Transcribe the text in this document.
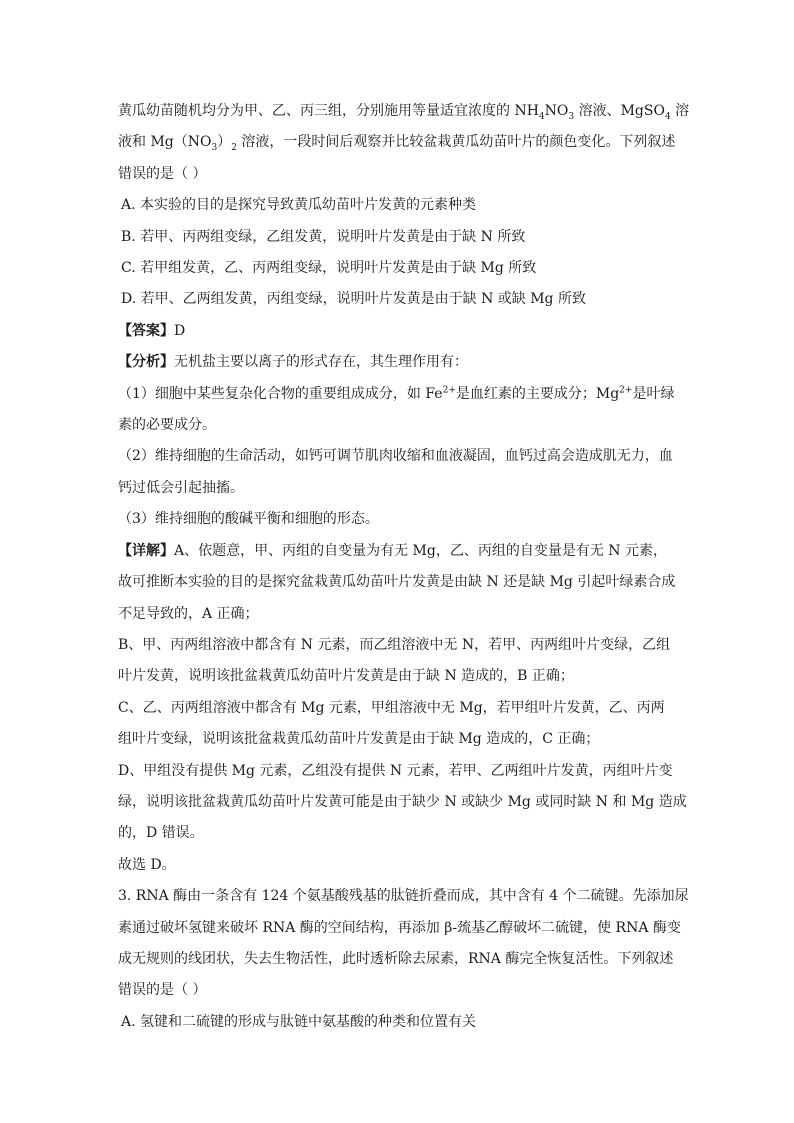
黄瓜幼苗随机均分为甲、乙、丙三组，分别施用等量适宜浓度的 $NH_4NO_3$ 溶液、MgSO$_4$ 溶

液和 $Mg(NO_3)_2$ 溶液，一段时间后观察并比较盆栽黄瓜幼苗叶片的颜色变化。下列叙述

错误的是（ ）

A. 本实验的目的是探究导致黄瓜幼苗叶片发黄的元素种类

B. 若甲、丙两组变绿，乙组发黄，说明叶片发黄是由于缺 N 所致

C. 若甲组发黄，乙、丙两组变绿，说明叶片发黄是由于缺 Mg 所致

D. 若甲、乙两组发黄，丙组变绿，说明叶片发黄是由于缺 N 或缺 Mg 所致

【答案】D

【分析】无机盐主要以离子的形式存在，其生理作用有：

（1）细胞中某些复杂化合物的重要组成成分，如 $Fe^{2+}$是血红素的主要成分；$Mg^{2+}$是叶绿

素的必要成分。

（2）维持细胞的生命活动，如钙可调节肌肉收缩和血液凝固，血钙过高会造成肌无力，血

钙过低会引起抽搐。

（3）维持细胞的酸碱平衡和细胞的形态。

【详解】A、依题意，甲、丙组的自变量为有无 Mg，乙、丙组的自变量是有无 N 元素，

故可推断本实验的目的是探究盆栽黄瓜幼苗叶片发黄是由缺 N 还是缺 Mg 引起叶绿素合成

不足导致的，A 正确；

B、甲、丙两组溶液中都含有 N 元素，而乙组溶液中无 N，若甲、丙两组叶片变绿，乙组

叶片发黄，说明该批盆栽黄瓜幼苗叶片发黄是由于缺 N 造成的，B 正确；

C、乙、丙两组溶液中都含有 Mg 元素，甲组溶液中无 Mg，若甲组叶片发黄，乙、丙两

组叶片变绿，说明该批盆栽黄瓜幼苗叶片发黄是由于缺 Mg 造成的，C 正确；

D、甲组没有提供 Mg 元素，乙组没有提供 N 元素，若甲、乙两组叶片发黄，丙组叶片变

绿，说明该批盆栽黄瓜幼苗叶片发黄可能是由于缺少 N 或缺少 Mg 或同时缺 N 和 Mg 造成

的，D 错误。

故选 D。

3. RNA 酶由一条含有 124 个氨基酸残基的肽链折叠而成，其中含有 4 个二硫键。先添加尿

素通过破坏氢键来破坏 RNA 酶的空间结构，再添加 β-巯基乙醇破坏二硫键，使 RNA 酶变

成无规则的线团状，失去生物活性，此时透析除去尿素，RNA 酶完全恢复活性。下列叙述

错误的是（ ）

A. 氢键和二硫键的形成与肽链中氨基酸的种类和位置有关
